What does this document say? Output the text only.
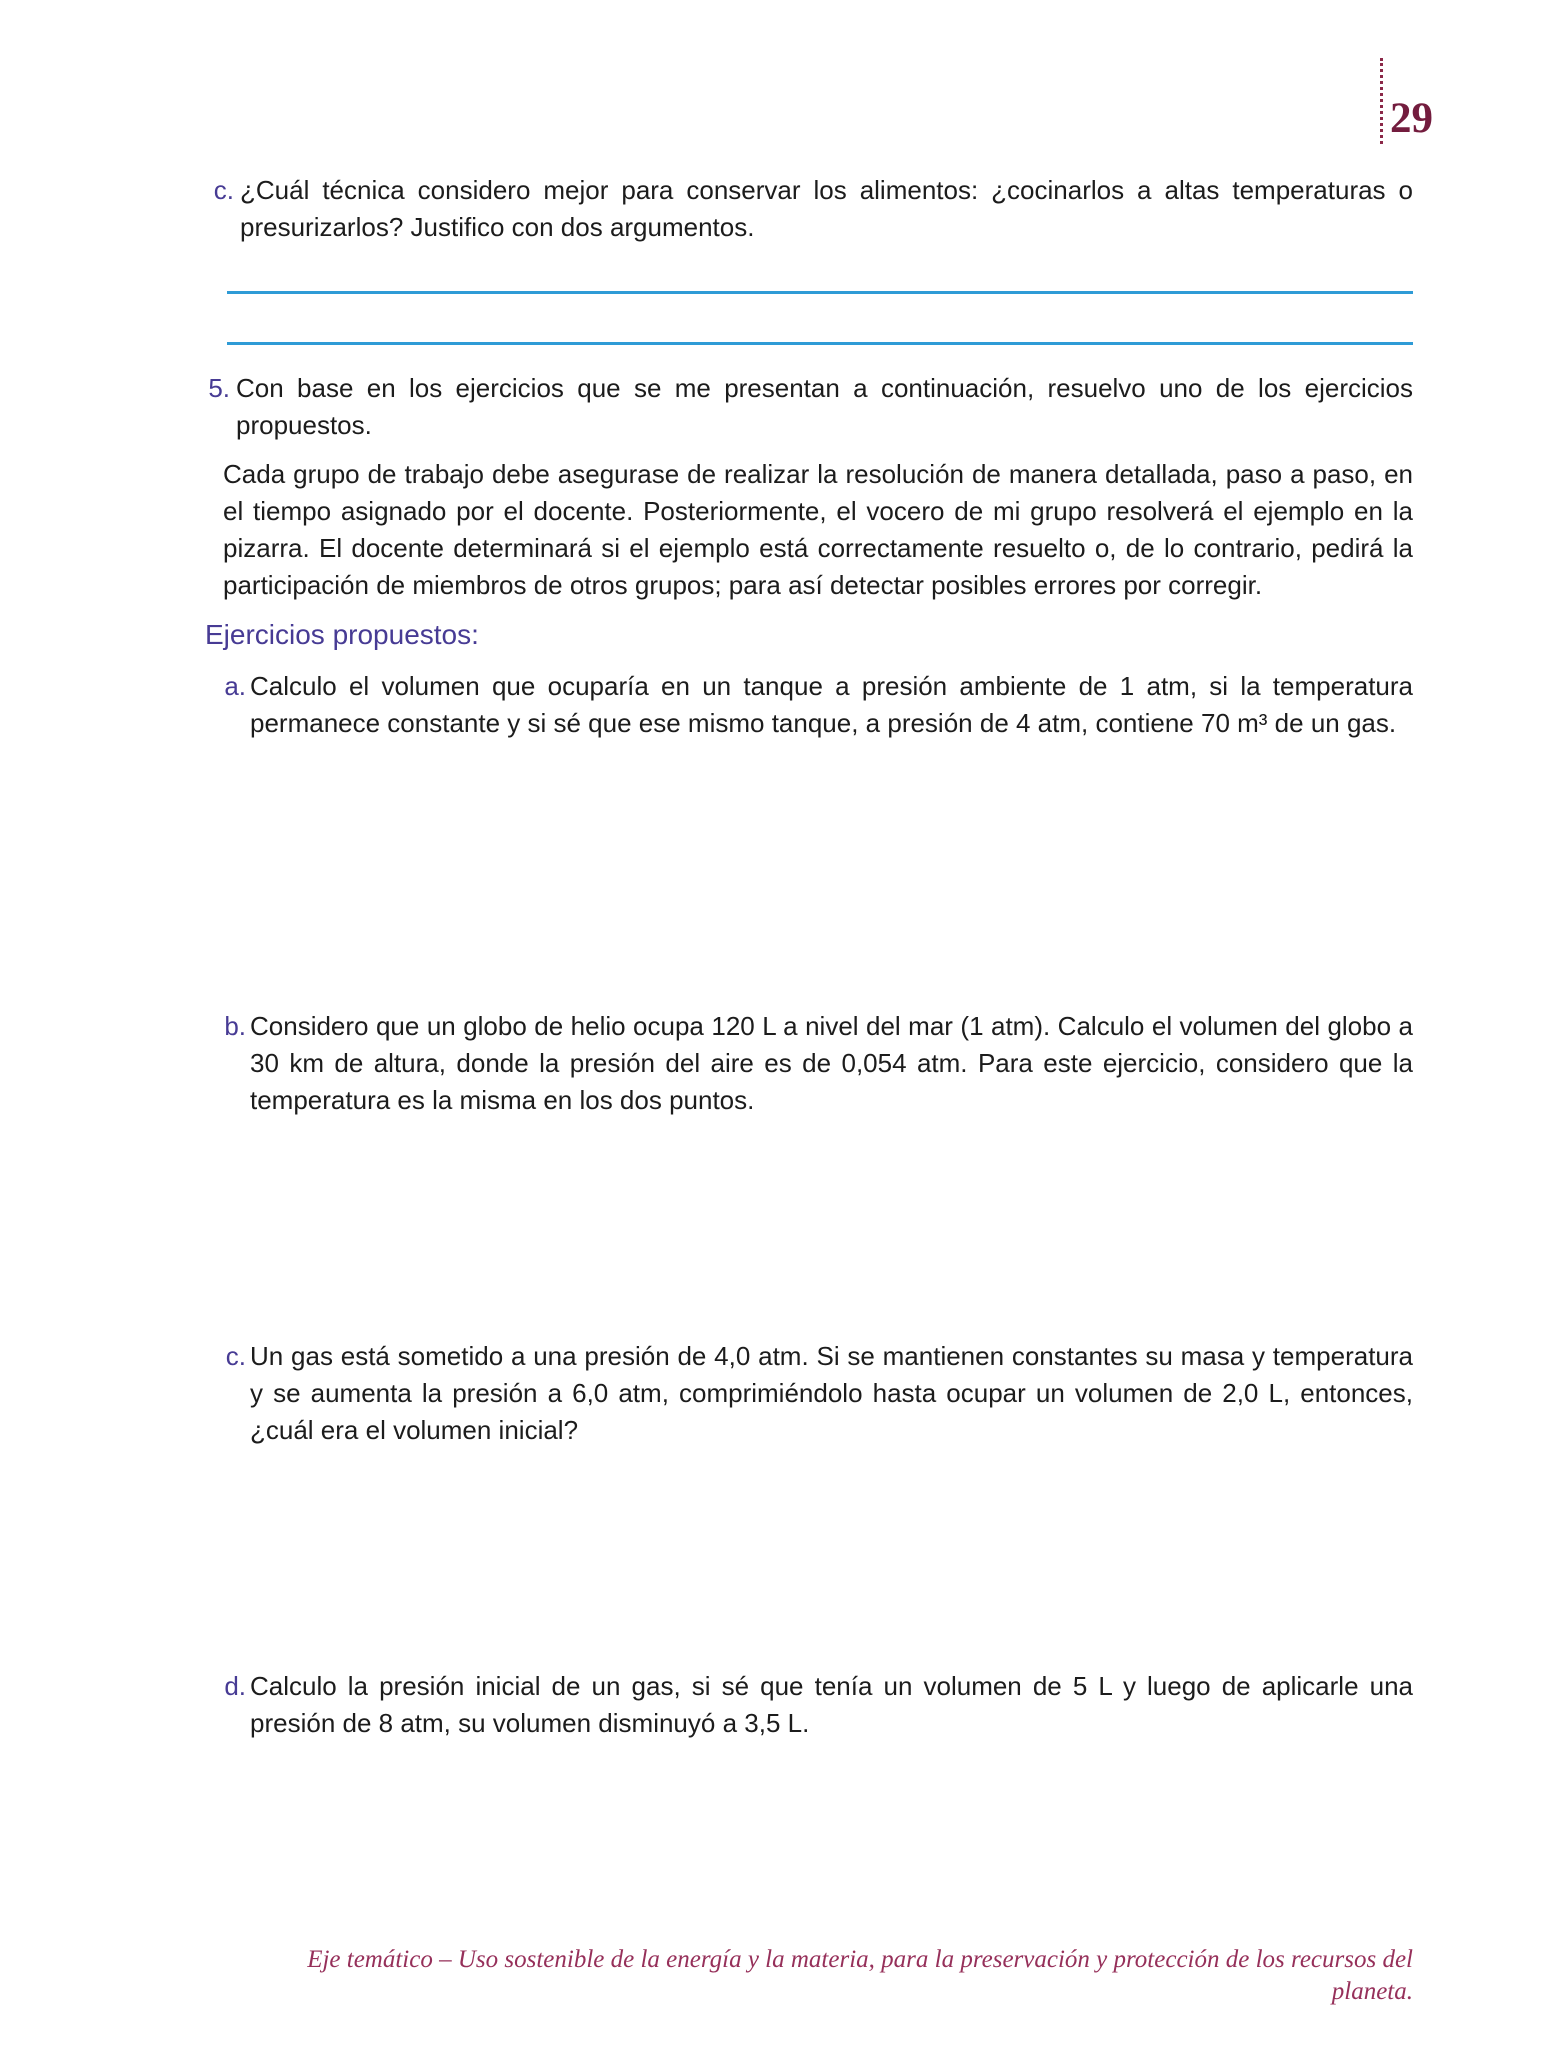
29
c. ¿Cuál técnica considero mejor para conservar los alimentos: ¿cocinarlos a altas temperaturas o presurizarlos? Justifico con dos argumentos.
5. Con base en los ejercicios que se me presentan a continuación, resuelvo uno de los ejercicios propuestos.
Cada grupo de trabajo debe asegurase de realizar la resolución de manera detallada, paso a paso, en el tiempo asignado por el docente. Posteriormente, el vocero de mi grupo resolverá el ejemplo en la pizarra. El docente determinará si el ejemplo está correctamente resuelto o, de lo contrario, pedirá la participación de miembros de otros grupos; para así detectar posibles errores por corregir.
Ejercicios propuestos:
a. Calculo el volumen que ocuparía en un tanque a presión ambiente de 1 atm, si la temperatura permanece constante y si sé que ese mismo tanque, a presión de 4 atm, contiene 70 m³ de un gas.
b. Considero que un globo de helio ocupa 120 L a nivel del mar (1 atm). Calculo el volumen del globo a 30 km de altura, donde la presión del aire es de 0,054 atm. Para este ejercicio, considero que la temperatura es la misma en los dos puntos.
c. Un gas está sometido a una presión de 4,0 atm. Si se mantienen constantes su masa y temperatura y se aumenta la presión a 6,0 atm, comprimiéndolo hasta ocupar un volumen de 2,0 L, entonces, ¿cuál era el volumen inicial?
d. Calculo la presión inicial de un gas, si sé que tenía un volumen de 5 L y luego de aplicarle una presión de 8 atm, su volumen disminuyó a 3,5 L.
Eje temático – Uso sostenible de la energía y la materia, para la preservación y protección de los recursos del planeta.
